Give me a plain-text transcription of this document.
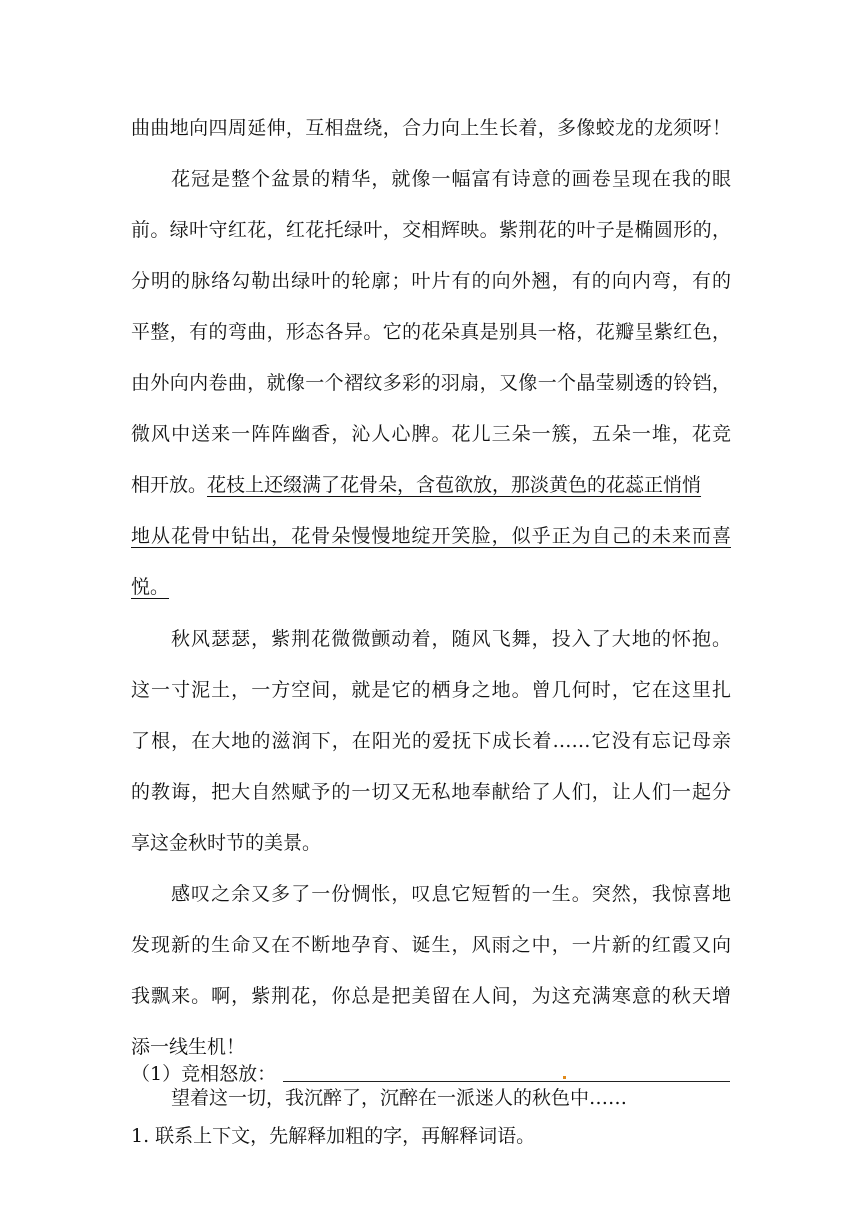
曲曲地向四周延伸，互相盘绕，合力向上生长着，多像蛟龙的龙须呀！

花冠是整个盆景的精华，就像一幅富有诗意的画卷呈现在我的眼

前。绿叶守红花，红花托绿叶，交相辉映。紫荆花的叶子是椭圆形的，

分明的脉络勾勒出绿叶的轮廓；叶片有的向外翘，有的向内弯，有的

平整，有的弯曲，形态各异。它的花朵真是别具一格，花瓣呈紫红色，

由外向内卷曲，就像一个褶纹多彩的羽扇，又像一个晶莹剔透的铃铛，

微风中送来一阵阵幽香，沁人心脾。花儿三朵一簇，五朵一堆，花竞

相开放。花枝上还缀满了花骨朵，含苞欲放，那淡黄色的花蕊正悄悄

地从花骨中钻出，花骨朵慢慢地绽开笑脸，似乎正为自己的未来而喜

悦。

秋风瑟瑟，紫荆花微微颤动着，随风飞舞，投入了大地的怀抱。

这一寸泥土，一方空间，就是它的栖身之地。曾几何时，它在这里扎

了根，在大地的滋润下，在阳光的爱抚下成长着……它没有忘记母亲

的教诲，把大自然赋予的一切又无私地奉献给了人们，让人们一起分

享这金秋时节的美景。

感叹之余又多了一份惆怅，叹息它短暂的一生。突然，我惊喜地

发现新的生命又在不断地孕育、诞生，风雨之中，一片新的红霞又向

我飘来。啊，紫荆花，你总是把美留在人间，为这充满寒意的秋天增

添一线生机！

望着这一切，我沉醉了，沉醉在一派迷人的秋色中……

1. 联系上下文，先解释加粗的字，再解释词语。

（1）竞相怒放：
